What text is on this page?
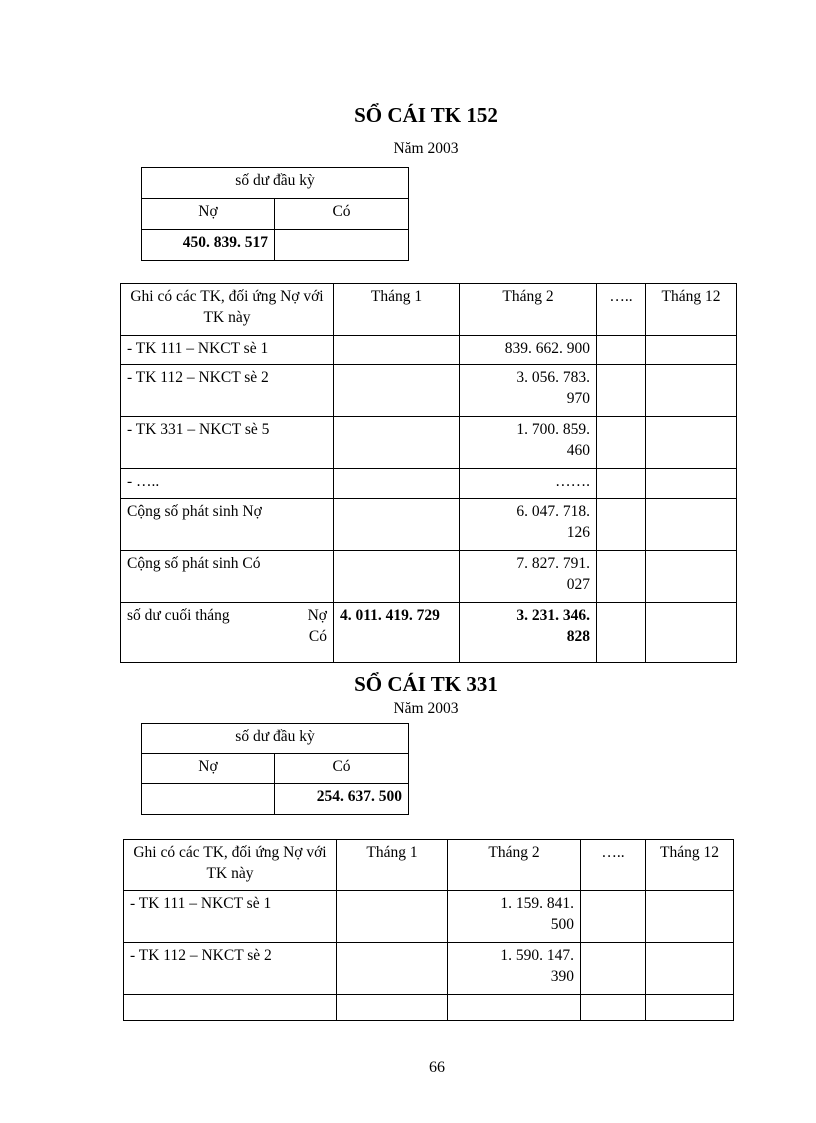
SỔ CÁI TK 152
Năm 2003
số dư đầu kỳ	
Nợ	Có
450. 839. 517	
Ghi có các TK, đối ứng Nợ với TK này	Tháng 1	Tháng 2	…..	Tháng 12
- TK 111 – NKCT sè 1		839. 662. 900		
- TK 112 – NKCT sè 2		3. 056. 783. 970		
- TK 331 – NKCT sè 5		1. 700. 859. 460		
- …..		…….		
Cộng số phát sinh Nợ		6. 047. 718. 126		
Cộng số phát sinh Có		7. 827. 791. 027		

số dư cuối tháng Nợ
Có	4. 011. 419. 729	3. 231. 346. 828		
SỔ CÁI TK 331
Năm 2003
số dư đầu kỳ	
Nợ	Có
	254. 637. 500
Ghi có các TK, đối ứng Nợ với TK này	Tháng 1	Tháng 2	…..	Tháng 12
- TK 111 – NKCT sè 1		1. 159. 841. 500		
- TK 112 – NKCT sè 2		1. 590. 147. 390		

66
